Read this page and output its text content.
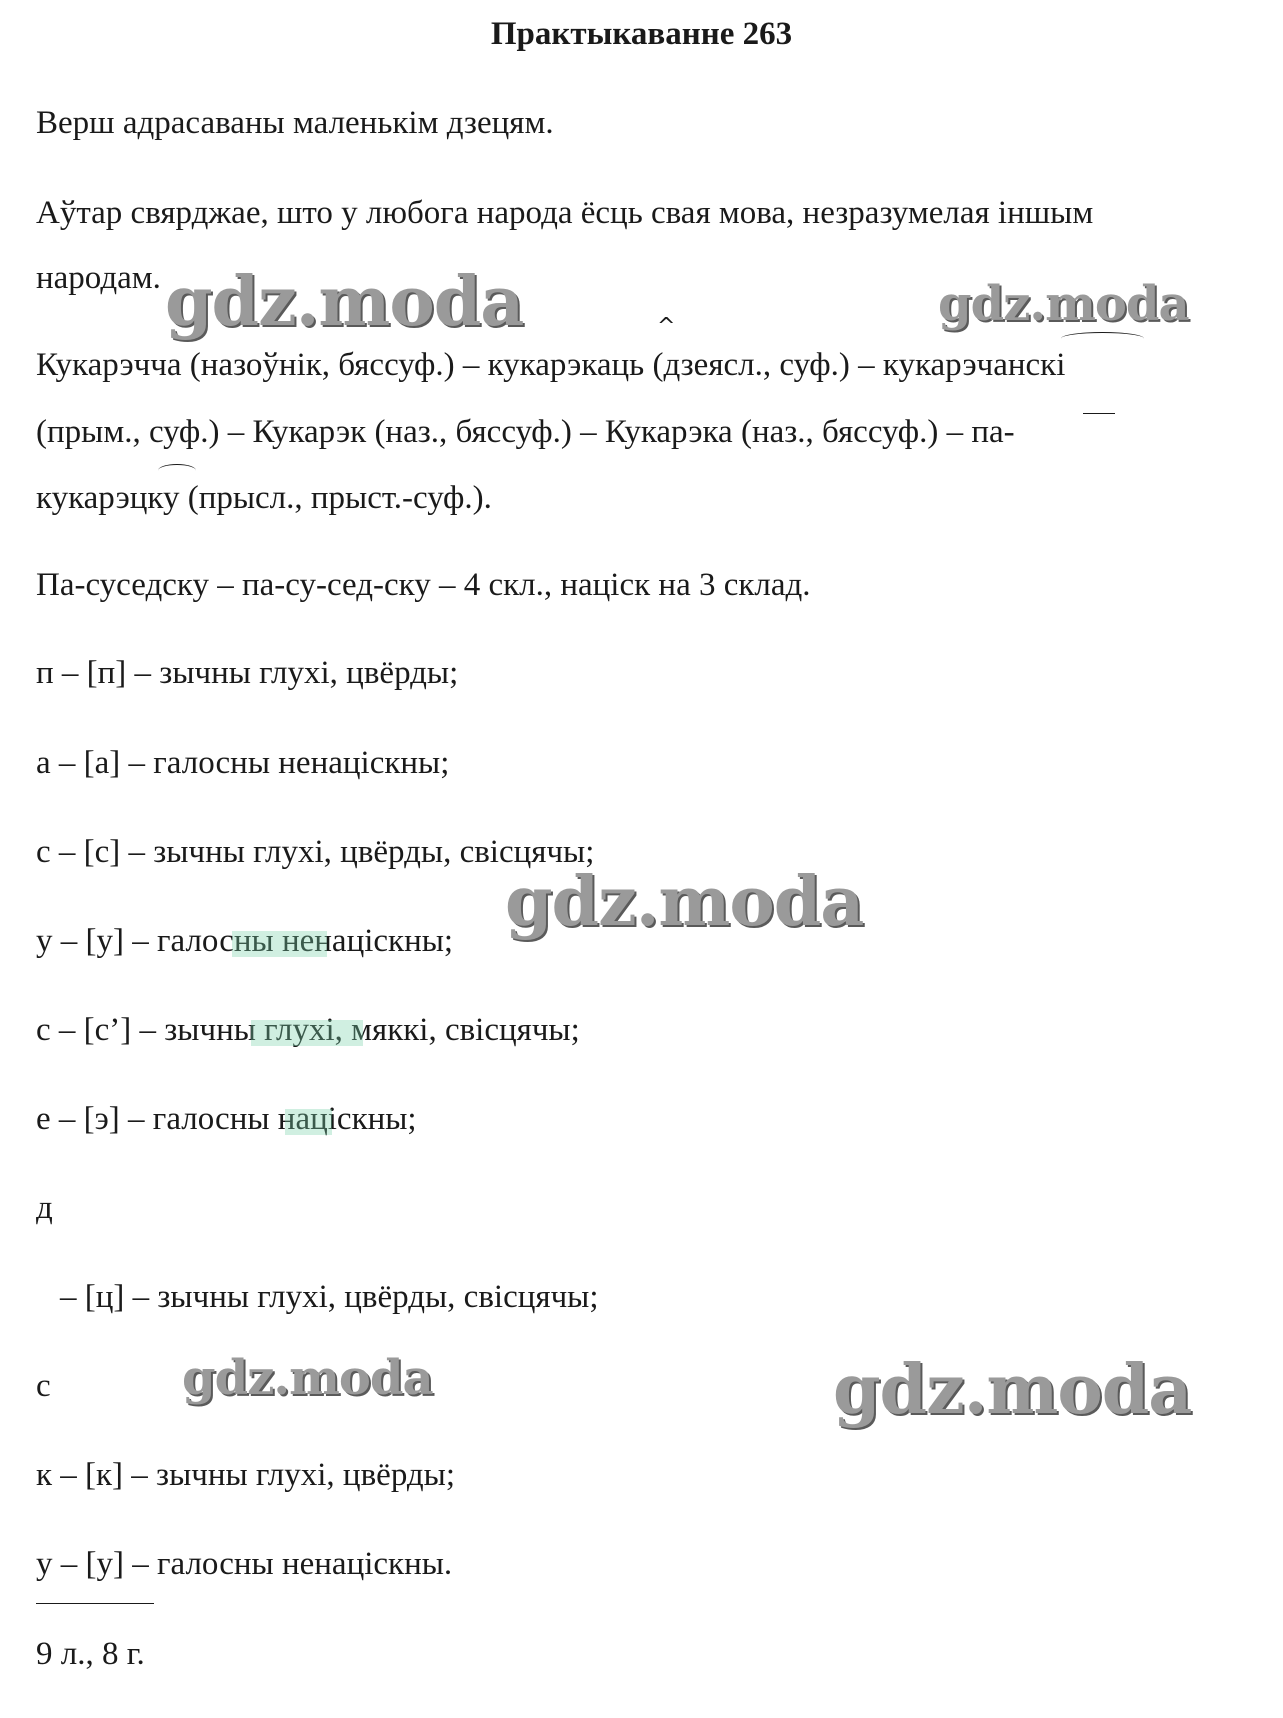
Практыкаванне 263
Верш адрасаваны маленькім дзецям.
Аўтар свярджае, што у любога народа ёсць свая мова, незразумелая іншым
народам.
Кукарэчча (назоўнік, бяссуф.) – кукарэкаць (дзеясл., суф.) – кукарэчанскі
(прым., суф.) – Кукарэк (наз., бяссуф.) – Кукарэка (наз., бяссуф.) – па-
кукарэцку (прысл., прыст.-суф.).
Па-суседску – па-су-сед-ску – 4 скл., націск на 3 склад.
п – [п] – зычны глухі, цвёрды;
а – [а] – галосны ненаціскны;
с – [с] – зычны глухі, цвёрды, свісцячы;
у – [у] – галосны ненаціскны;
с – [с’] – зычны глухі, мяккі, свісцячы;
е – [э] – галосны націскны;
д
– [ц] – зычны глухі, цвёрды, свісцячы;
с
к – [к] – зычны глухі, цвёрды;
у – [у] – галосны ненаціскны.
9 л., 8 г.
^
gdz.moda	gdz.moda
gdz.moda
gdz.moda	gdz.moda
